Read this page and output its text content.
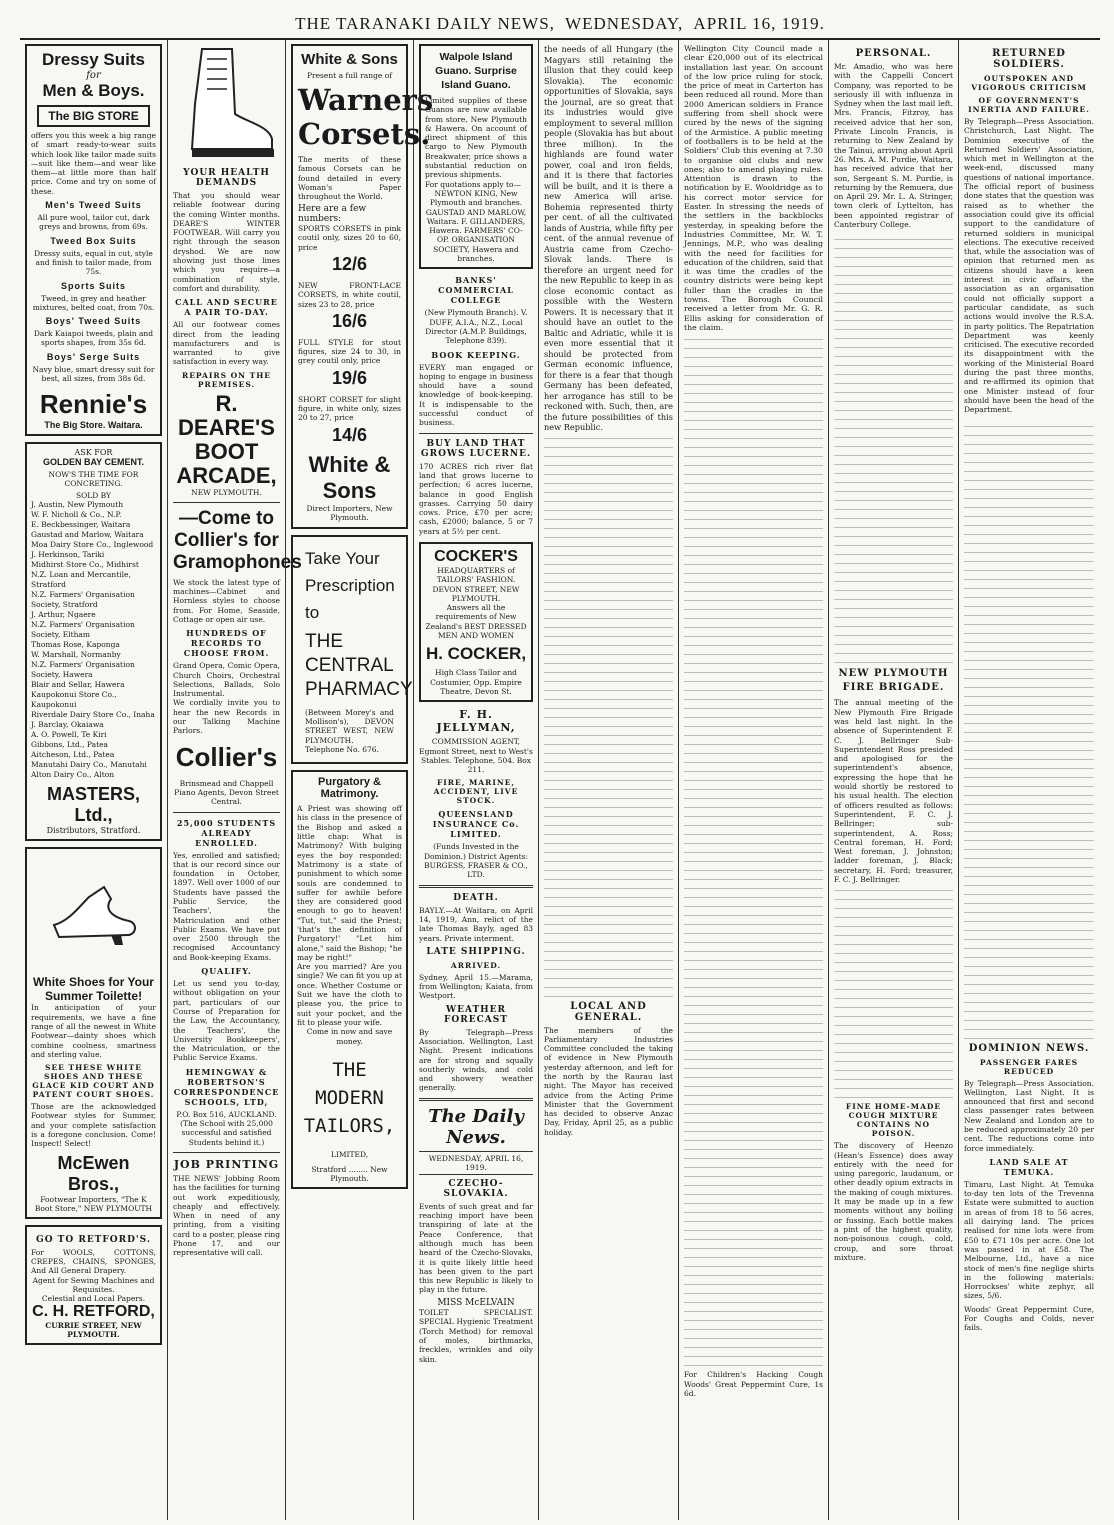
THE TARANAKI DAILY NEWS,
WEDNESDAY,
APRIL 16, 1919.
Dressy Suits
for
Men & Boys.
The BIG STORE
offers you this week a big range of smart ready-to-wear suits which look like tailor made suits—suit like them—and wear like them—at little more than half price. Come and try on some of these.
Men's Tweed Suits
All pure wool, tailor cut, dark greys and browns, from 69s.
Tweed Box Suits
Dressy suits, equal in cut, style and finish to tailor made, from 75s.
Sports Suits
Tweed, in grey and heather mixtures, belted coat, from 70s.
Boys' Tweed Suits
Dark Kaiapoi tweeds, plain and sports shapes, from 35s 6d.
Boys' Serge Suits
Navy blue, smart dressy suit for best, all sizes, from 38s 6d.
Rennie's
The Big Store. Waitara.
ASK FOR
GOLDEN BAY CEMENT.
NOW'S THE TIME FOR CONCRETING.
SOLD BY
J. Austin, New Plymouth
W. F. Nicholl & Co., N.P.
E. Beckbessinger, Waitara
Gaustad and Marlow, Waitara
Moa Dairy Store Co., Inglewood
J. Herkinson, Tariki
Midhirst Store Co., Midhirst
N.Z. Loan and Mercantile, Stratford
N.Z. Farmers' Organisation Society, Stratford
J. Arthur, Ngaere
N.Z. Farmers' Organisation Society, Eltham
Thomas Rose, Kaponga
W. Marshall, Normanby
N.Z. Farmers' Organisation Society, Hawera
Blair and Sellar, Hawera
Kaupokonui Store Co., Kaupokonui
Riverdale Dairy Store Co., Inaha
J. Barclay, Okaiawa
A. O. Powell, Te Kiri
Gibbons, Ltd., Patea
Aitcheson, Ltd., Patea
Manutahi Dairy Co., Manutahi
Alton Dairy Co., Alton
MASTERS, Ltd.,
Distributors, Stratford.
White Shoes for Your Summer Toilette!
In anticipation of your requirements, we have a fine range of all the newest in White Footwear—dainty shoes which combine coolness, smartness and sterling value.
SEE THESE WHITE SHOES AND THESE GLACE KID COURT AND PATENT COURT SHOES.
Those are the acknowledged Footwear styles for Summer, and your complete satisfaction is a foregone conclusion. Come! Inspect! Select!
McEwen Bros.,
Footwear Importers, "The K Boot Store," NEW PLYMOUTH
GO TO RETFORD'S.
For WOOLS, COTTONS, CREPES, CHAINS, SPONGES, And All General Drapery.
Agent for Sewing Machines and Requisites.
Celestial and Local Papers.
C. H. RETFORD,
CURRIE STREET, NEW PLYMOUTH.
YOUR HEALTH DEMANDS
That you should wear reliable footwear during the coming Winter months. DEARE'S WINTER FOOTWEAR. Will carry you right through the season dryshod. We are now showing just those lines which you require—a combination of style, comfort and durability.
CALL AND SECURE A PAIR TO-DAY.
All our footwear comes direct from the leading manufacturers and is warranted to give satisfaction in every way.
REPAIRS ON THE PREMISES.
R. DEARE'S BOOT ARCADE,
NEW PLYMOUTH.
—Come to Collier's for Gramophones
We stock the latest type of machines—Cabinet and Hornless styles to choose from. For Home, Seaside, Cottage or open air use.
HUNDREDS OF RECORDS TO CHOOSE FROM.
Grand Opera, Comic Opera, Church Choirs, Orchestral Selections, Ballads, Solo Instrumental.
We cordially invite you to hear the new Records in our Talking Machine Parlors.
Collier's
Brinsmead and Chappell Piano Agents, Devon Street Central.
25,000 STUDENTS ALREADY ENROLLED.
Yes, enrolled and satisfied; that is our record since our foundation in October, 1897. Well over 1000 of our Students have passed the Public Service, the Teachers', the Matriculation and other Public Exams. We have put over 2500 through the recognised Accountancy and Book-keeping Exams.
QUALIFY.
Let us send you to-day, without obligation on your part, particulars of our Course of Preparation for the Law, the Accountancy, the Teachers', the University Bookkeepers', the Matriculation, or the Public Service Exams.
HEMINGWAY & ROBERTSON'S CORRESPONDENCE SCHOOLS, LTD,
P.O. Box 516, AUCKLAND.
(The School with 25,000 successful and satisfied Students behind it.)
JOB PRINTING
THE NEWS' Jobbing Room has the facilities for turning out work expeditiously, cheaply and effectively. When in need of any printing, from a visiting card to a poster, please ring Phone 17, and our representative will call.
White & Sons
Present a full range of
Warners Corsets.
The merits of these famous Corsets can be found detailed in every Woman's Paper throughout the World.
Here are a few numbers:
SPORTS CORSETS in pink coutil only, sizes 20 to 60, price
12/6
NEW FRONT-LACE CORSETS, in white coutil, sizes 23 to 28, price
16/6
FULL STYLE for stout figures, size 24 to 30, in grey coutil only, price
19/6
SHORT CORSET for slight figure, in white only, sizes 20 to 27, price
14/6
White & Sons
Direct Importers, New Plymouth.
Take Your Prescription to
THE CENTRAL PHARMACY
(Between Morey's and Mollison's), DEVON STREET WEST, NEW PLYMOUTH. Telephone No. 676.
Purgatory & Matrimony.
A Priest was showing off his class in the presence of the Bishop and asked a little chap: What is Matrimony? With bulging eyes the boy responded: Matrimony is a state of punishment to which some souls are condemned to suffer for awhile before they are considered good enough to go to heaven! "Tut, tut," said the Priest; 'that's the definition of Purgatory!' "Let him alone," said the Bishop; "he may be right!"
Are you married? Are you single? We can fit you up at once. Whether Costume or Suit we have the cloth to please you, the price to suit your pocket, and the fit to please your wife.
Come in now and save money.
THE MODERN TAILORS,
LIMITED,
Stratford ........ New Plymouth.
Walpole Island Guano. Surprise Island Guano.
Limited supplies of these Guanos are now available from store, New Plymouth & Hawera. On account of direct shipment of this cargo to New Plymouth Breakwater, price shows a substantial reduction on previous shipments.
For quotations apply to—
NEWTON KING, New Plymouth and branches. GAUSTAD AND MARLOW, Waitara. F. GILLANDERS, Hawera. FARMERS' CO-OP. ORGANISATION SOCIETY, Hawera and branches.
BANKS' COMMERCIAL COLLEGE
(New Plymouth Branch). V. DUFF, A.I.A., N.Z., Local Director (A.M.P. Buildings, Telephone 839).
BOOK KEEPING.
EVERY man engaged or hoping to engage in business should have a sound knowledge of book-keeping. It is indispensable to the successful conduct of business.
BUY LAND THAT GROWS LUCERNE.
170 ACRES rich river flat land that grows lucerne to perfection; 6 acres lucerne, balance in good English grasses. Carrying 50 dairy cows. Price, £70 per acre; cash, £2000; balance, 5 or 7 years at 5½ per cent.
COCKER'S
HEADQUARTERS of TAILORS' FASHION. DEVON STREET, NEW PLYMOUTH.
Answers all the requirements of New Zealand's BEST DRESSED MEN AND WOMEN
H. COCKER,
High Class Tailor and Costumier, Opp. Empire Theatre, Devon St.
F. H. JELLYMAN,
COMMISSION AGENT, Egmont Street, next to West's Stables. Telephone, 504. Box 211.
FIRE, MARINE, ACCIDENT, LIVE STOCK.
QUEENSLAND INSURANCE Co. LIMITED.
(Funds Invested in the Dominion.) District Agents: BURGESS, FRASER & CO., LTD.
DEATH.
BAYLY.—At Waitara, on April 14, 1919, Ann, relict of the late Thomas Bayly, aged 83 years. Private interment.
LATE SHIPPING.
ARRIVED.
Sydney, April 15.—Marama, from Wellington; Kaiata, from Westport.
WEATHER FORECAST
By Telegraph—Press Association. Wellington, Last Night. Present indications are for strong and squally southerly winds, and cold and showery weather generally.
The Daily News.
WEDNESDAY, APRIL 16, 1919.
CZECHO-SLOVAKIA.
Events of such great and far reaching import have been transpiring of late at the Peace Conference, that although much has been heard of the Czecho-Slovaks, it is quite likely little heed has been given to the part this new Republic is likely to play in the future.
MISS McELVAIN
TOILET SPECIALIST. SPECIAL Hygienic Treatment (Torch Method) for removal of moles, birthmarks, freckles, wrinkles and oily skin.
the needs of all Hungary (the Magyars still retaining the illusion that they could keep Slovakia). The economic opportunities of Slovakia, says the journal, are so great that its industries would give employment to several million people (Slovakia has but about three million). In the highlands are found water power, coal and iron fields, and it is there that factories will be built, and it is there a new America will arise. Bohemia represented thirty per cent. of all the cultivated lands of Austria, while fifty per cent. of the annual revenue of Austria came from Czecho-Slovak lands. There is therefore an urgent need for the new Republic to keep in as close economic contact as possible with the Western Powers. It is necessary that it should have an outlet to the Baltic and Adriatic, while it is even more essential that it should be protected from German economic influence, for there is a fear that though Germany has been defeated, her arrogance has still to be reckoned with. Such, then, are the future possibilities of this new Republic.
LOCAL AND GENERAL.
The members of the Parliamentary Industries Committee concluded the taking of evidence in New Plymouth yesterday afternoon, and left for the north by the Raurau last night. The Mayor has received advice from the Acting Prime Minister that the Government has decided to observe Anzac Day, Friday, April 25, as a public holiday.
Wellington City Council made a clear £20,000 out of its electrical installation last year. On account of the low price ruling for stock, the price of meat in Carterton has been reduced all round. More than 2000 American soldiers in France suffering from shell shock were cured by the news of the signing of the Armistice. A public meeting of footballers is to be held at the Soldiers' Club this evening at 7.30 to organise old clubs and new ones; also to amend playing rules. Attention is drawn to the notification by E. Wooldridge as to his correct motor service for Easter. In stressing the needs of the settlers in the backblocks yesterday, in speaking before the Industries Committee, Mr. W. T. Jennings, M.P., who was dealing with the need for facilities for education of the children, said that it was time the cradles of the country districts were being kept fuller than the cradles in the towns. The Borough Council received a letter from Mr. G. R. Ellis asking for consideration of the claim.
For Children's Hacking Cough Woods' Great Peppermint Cure, 1s 6d.
PERSONAL.
Mr. Amadio, who was here with the Cappelli Concert Company, was reported to be seriously ill with influenza in Sydney when the last mail left. Mrs. Francis, Fitzroy, has received advice that her son, Private Lincoln Francis, is returning to New Zealand by the Tainui, arriving about April 26. Mrs. A. M. Purdie, Waitara, has received advice that her son, Sergeant S. M. Purdie, is returning by the Remuera, due on April 29. Mr. L. A. Stringer, town clerk of Lyttelton, has been appointed registrar of Canterbury College.
NEW PLYMOUTH FIRE BRIGADE.
The annual meeting of the New Plymouth Fire Brigade was held last night. In the absence of Superintendent F. C. J. Bellringer Sub-Superintendent Ross presided and apologised for the superintendent's absence, expressing the hope that he would shortly be restored to his usual health. The election of officers resulted as follows: Superintendent, F. C. J. Bellringer; sub-superintendent, A. Ross; Central foreman, H. Ford; West foreman, J. Johnston; ladder foreman, J. Black; secretary, H. Ford; treasurer, F. C. J. Bellringer.
FINE HOME-MADE COUGH MIXTURE CONTAINS NO POISON.
The discovery of Heenzo (Hean's Essence) does away entirely with the need for using paregoric, laudanum, or other deadly opium extracts in the making of cough mixtures. It may be made up in a few moments without any boiling or fussing. Each bottle makes a pint of the highest quality, non-poisonous cough, cold, croup, and sore throat mixture.
RETURNED SOLDIERS.
OUTSPOKEN AND VIGOROUS CRITICISM
OF GOVERNMENT'S INERTIA AND FAILURE.
By Telegraph—Press Association. Christchurch, Last Night. The Dominion executive of the Returned Soldiers' Association, which met in Wellington at the week-end, discussed many questions of national importance. The official report of business done states that the question was raised as to whether the association could give its official support to the candidature of returned soldiers in municipal elections. The executive received that, while the association was of opinion that returned men as citizens should have a keen interest in civic affairs, the association as an organisation could not officially support a particular candidate, as such actions would involve the R.S.A. in party politics. The Repatriation Department was keenly criticised. The executive recorded its disappointment with the working of the Ministerial Board during the past three months, and re-affirmed its opinion that one Minister instead of four should have been the head of the Department.
DOMINION NEWS.
PASSENGER FARES REDUCED
By Telegraph—Press Association. Wellington, Last Night. It is announced that first and second class passenger rates between New Zealand and London are to be reduced approximately 20 per cent. The reductions come into force immediately.
LAND SALE AT TEMUKA.
Timaru, Last Night. At Temuka to-day ten lots of the Trevenna Estate were submitted to auction in areas of from 18 to 56 acres, all dairying land. The prices realised for nine lots were from £50 to £71 10s per acre. One lot was passed in at £58. The Melbourne, Ltd., have a nice stock of men's fine neglige shirts in the following materials: Horrockses' white zephyr, all sizes, 5/6.
Woods' Great Peppermint Cure, For Coughs and Colds, never fails.
